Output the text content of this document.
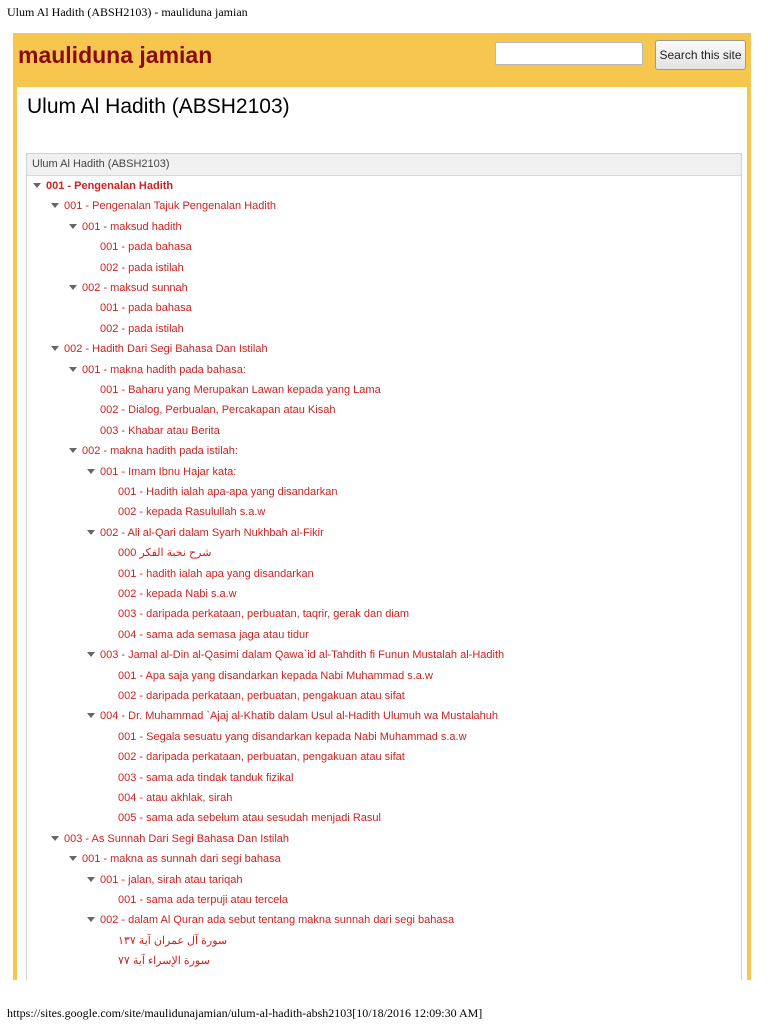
Ulum Al Hadith (ABSH2103) - mauliduna jamian
mauliduna jamian	Search this site
Ulum Al Hadith (ABSH2103)
Ulum Al Hadith (ABSH2103)
001 - Pengenalan Hadith
001 - Pengenalan Tajuk Pengenalan Hadith
001 - maksud hadith
001 - pada bahasa
002 - pada istilah
002 - maksud sunnah
001 - pada bahasa
002 - pada istilah
002 - Hadith Dari Segi Bahasa Dan Istilah
001 - makna hadith pada bahasa:
001 - Baharu yang Merupakan Lawan kepada yang Lama
002 - Dialog, Perbualan, Percakapan atau Kisah
003 - Khabar atau Berita
002 - makna hadith pada istilah:
001 - Imam Ibnu Hajar kata:
001 - Hadith ialah apa-apa yang disandarkan
002 - kepada Rasulullah s.a.w
002 - Ali al-Qari dalam Syarh Nukhbah al-Fikir
000 شرح نخبة الفكر
001 - hadith ialah apa yang disandarkan
002 - kepada Nabi s.a.w
003 - daripada perkataan, perbuatan, taqrir, gerak dan diam
004 - sama ada semasa jaga atau tidur
003 - Jamal al-Din al-Qasimi dalam Qawa`id al-Tahdith fi Funun Mustalah al-Hadith
001 - Apa saja yang disandarkan kepada Nabi Muhammad s.a.w
002 - daripada perkataan, perbuatan, pengakuan atau sifat
004 - Dr. Muhammad `Ajaj al-Khatib dalam Usul al-Hadith Ulumuh wa Mustalahuh
001 - Segala sesuatu yang disandarkan kepada Nabi Muhammad s.a.w
002 - daripada perkataan, perbuatan, pengakuan atau sifat
003 - sama ada tindak tanduk fizikal
004 - atau akhlak, sirah
005 - sama ada sebelum atau sesudah menjadi Rasul
003 - As Sunnah Dari Segi Bahasa Dan Istilah
001 - makna as sunnah dari segi bahasa
001 - jalan, sirah atau tariqah
001 - sama ada terpuji atau tercela
002 - dalam Al Quran ada sebut tentang makna sunnah dari segi bahasa
سورة آل عمران آية ١٣٧
سورة الإسراء آية ٧٧
https://sites.google.com/site/maulidunajamian/ulum-al-hadith-absh2103[10/18/2016 12:09:30 AM]
